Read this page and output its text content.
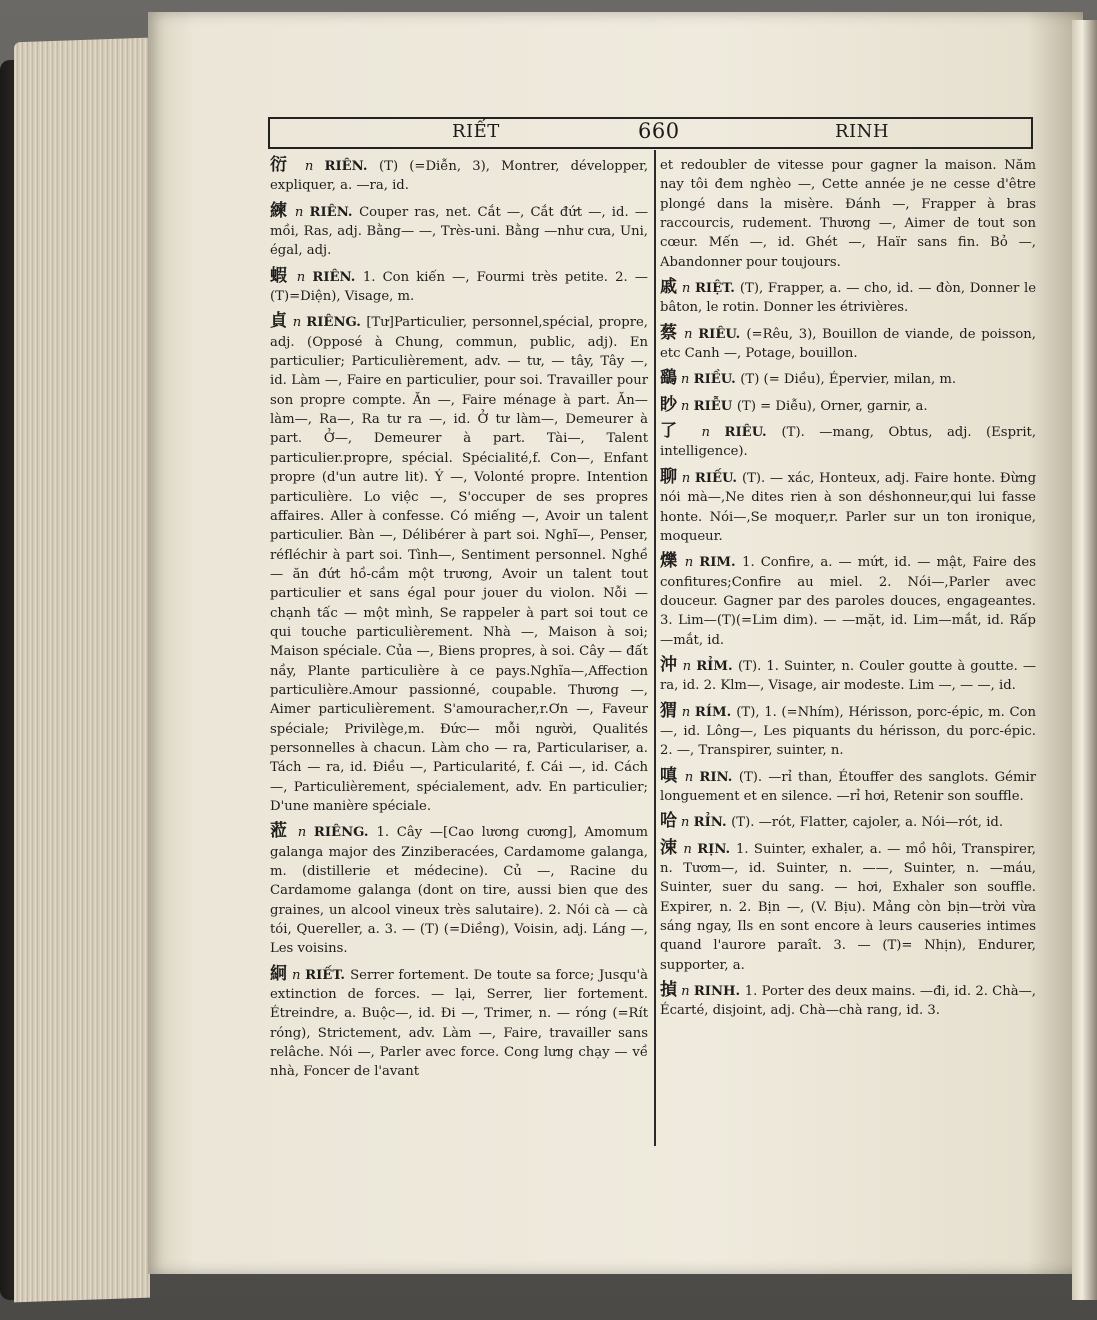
RIẾT	660	RINH
衍 n RIÊN. (T) (=Diễn, 3), Montrer, développer, expliquer, a. —ra, id.
練 n RIÊN. Couper ras, net. Cắt —, Cắt đứt —, id. —mồi, Ras, adj. Bằng— —, Très-uni. Bằng —như cưa, Uni, égal, adj.
蝦 n RIÊN. 1. Con kiến —, Fourmi très petite. 2. — (T)=Diện), Visage, m.
貞 n RIÊNG. [Tư]Particulier, personnel,spécial, propre, adj. (Opposé à Chung, commun, public, adj). En particulier; Particulièrement, adv. — tư, — tây, Tây —, id. Làm —, Faire en particulier, pour soi. Travailler pour son propre compte. Ăn —, Faire ménage à part. Ăn—làm—, Ra—, Ra tư ra —, id. Ở tư làm—, Demeurer à part. Ở—, Demeurer à part. Tài—, Talent particulier.propre, spécial. Spécialité,f. Con—, Enfant propre (d'un autre lit). Ý —, Volonté propre. Intention particulière. Lo việc —, S'occuper de ses propres affaires. Aller à confesse. Có miếng —, Avoir un talent particulier. Bàn —, Délibérer à part soi. Nghĩ—, Penser, réfléchir à part soi. Tình—, Sentiment personnel. Nghề — ăn đứt hồ-cầm một trương, Avoir un talent tout particulier et sans égal pour jouer du violon. Nỗi — chạnh tấc — một mình, Se rappeler à part soi tout ce qui touche particulièrement. Nhà —, Maison à soi; Maison spéciale. Của —, Biens propres, à soi. Cây — đất nầy, Plante particulière à ce pays.Nghĩa—,Affection particulière.Amour passionné, coupable. Thương —, Aimer particulièrement. S'amouracher,r.Ơn —, Faveur spéciale; Privilège,m. Đức— mỗi người, Qualités personnelles à chacun. Làm cho — ra, Particulariser, a. Tách — ra, id. Điều —, Particularité, f. Cái —, id. Cách —, Particulièrement, spécialement, adv. En particulier; D'une manière spéciale.
蒞 n RIÊNG. 1. Cây —[Cao lương cương], Amomum galanga major des Zinziberacées, Cardamome galanga, m. (distillerie et médecine). Củ —, Racine du Cardamome galanga (dont on tire, aussi bien que des graines, un alcool vineux très salutaire). 2. Nói cà — cà tói, Quereller, a. 3. — (T) (=Diềng), Voisin, adj. Láng —, Les voisins.
絅 n RIẾT. Serrer fortement. De toute sa force; Jusqu'à extinction de forces. — lại, Serrer, lier fortement. Étreindre, a. Buộc—, id. Đi —, Trimer, n. — róng (=Rít róng), Strictement, adv. Làm —, Faire, travailler sans relâche. Nói —, Parler avec force. Cong lưng chạy — về nhà, Foncer de l'avant
et redoubler de vitesse pour gagner la maison. Năm nay tôi đem nghèo —, Cette année je ne cesse d'être plongé dans la misère. Đánh —, Frapper à bras raccourcis, rudement. Thương —, Aimer de tout son cœur. Mến —, id. Ghét —, Haïr sans fin. Bỏ —, Abandonner pour toujours.
戚 n RIỆT. (T), Frapper, a. — cho, id. — đòn, Donner le bâton, le rotin. Donner les étrivières.
蔡 n RIÊU. (=Rêu, 3), Bouillon de viande, de poisson, etc Canh —, Potage, bouillon.
鷂 n RIỀU. (T) (= Diều), Épervier, milan, m.
眇 n RIỄU (T) = Diễu), Orner, garnir, a.
了 n RIÊU. (T). —mang, Obtus, adj. (Esprit, intelligence).
聊 n RIẾU. (T). — xác, Honteux, adj. Faire honte. Đừng nói mà—,Ne dites rien à son déshonneur,qui lui fasse honte. Nói—,Se moquer,r. Parler sur un ton ironique, moqueur.
爍 n RIM. 1. Confire, a. — mứt, id. — mật, Faire des confitures;Confire au miel. 2. Nói—,Parler avec douceur. Gagner par des paroles douces, engageantes. 3. Lim—(T)(=Lim dim). — —mặt, id. Lim—mắt, id. Rấp—mắt, id.
沖 n RỈM. (T). 1. Suinter, n. Couler goutte à goutte. —ra, id. 2. Klm—, Visage, air modeste. Lim —, — —, id.
猬 n RÍM. (T), 1. (=Nhím), Hérisson, porc-épic, m. Con—, id. Lông—, Les piquants du hérisson, du porc-épic. 2. —, Transpirer, suinter, n.
嗔 n RIN. (T). —rỉ than, Étouffer des sanglots. Gémir longuement et en silence. —rỉ hơi, Retenir son souffle.
哈 n RỈN. (T). —rót, Flatter, cajoler, a. Nói—rót, id.
涑 n RỊN. 1. Suinter, exhaler, a. — mồ hôi, Transpirer, n. Tươm—, id. Suinter, n. ——, Suinter, n. —máu, Suinter, suer du sang. — hơi, Exhaler son souffle. Expirer, n. 2. Bịn —, (V. Bịu). Mảng còn bịn—trời vừa sáng ngay, Ils en sont encore à leurs causeries intimes quand l'aurore paraît. 3. — (T)= Nhịn), Endurer, supporter, a.
揁 n RINH. 1. Porter des deux mains. —đi, id. 2. Chà—, Écarté, disjoint, adj. Chà—chà rang, id. 3.
